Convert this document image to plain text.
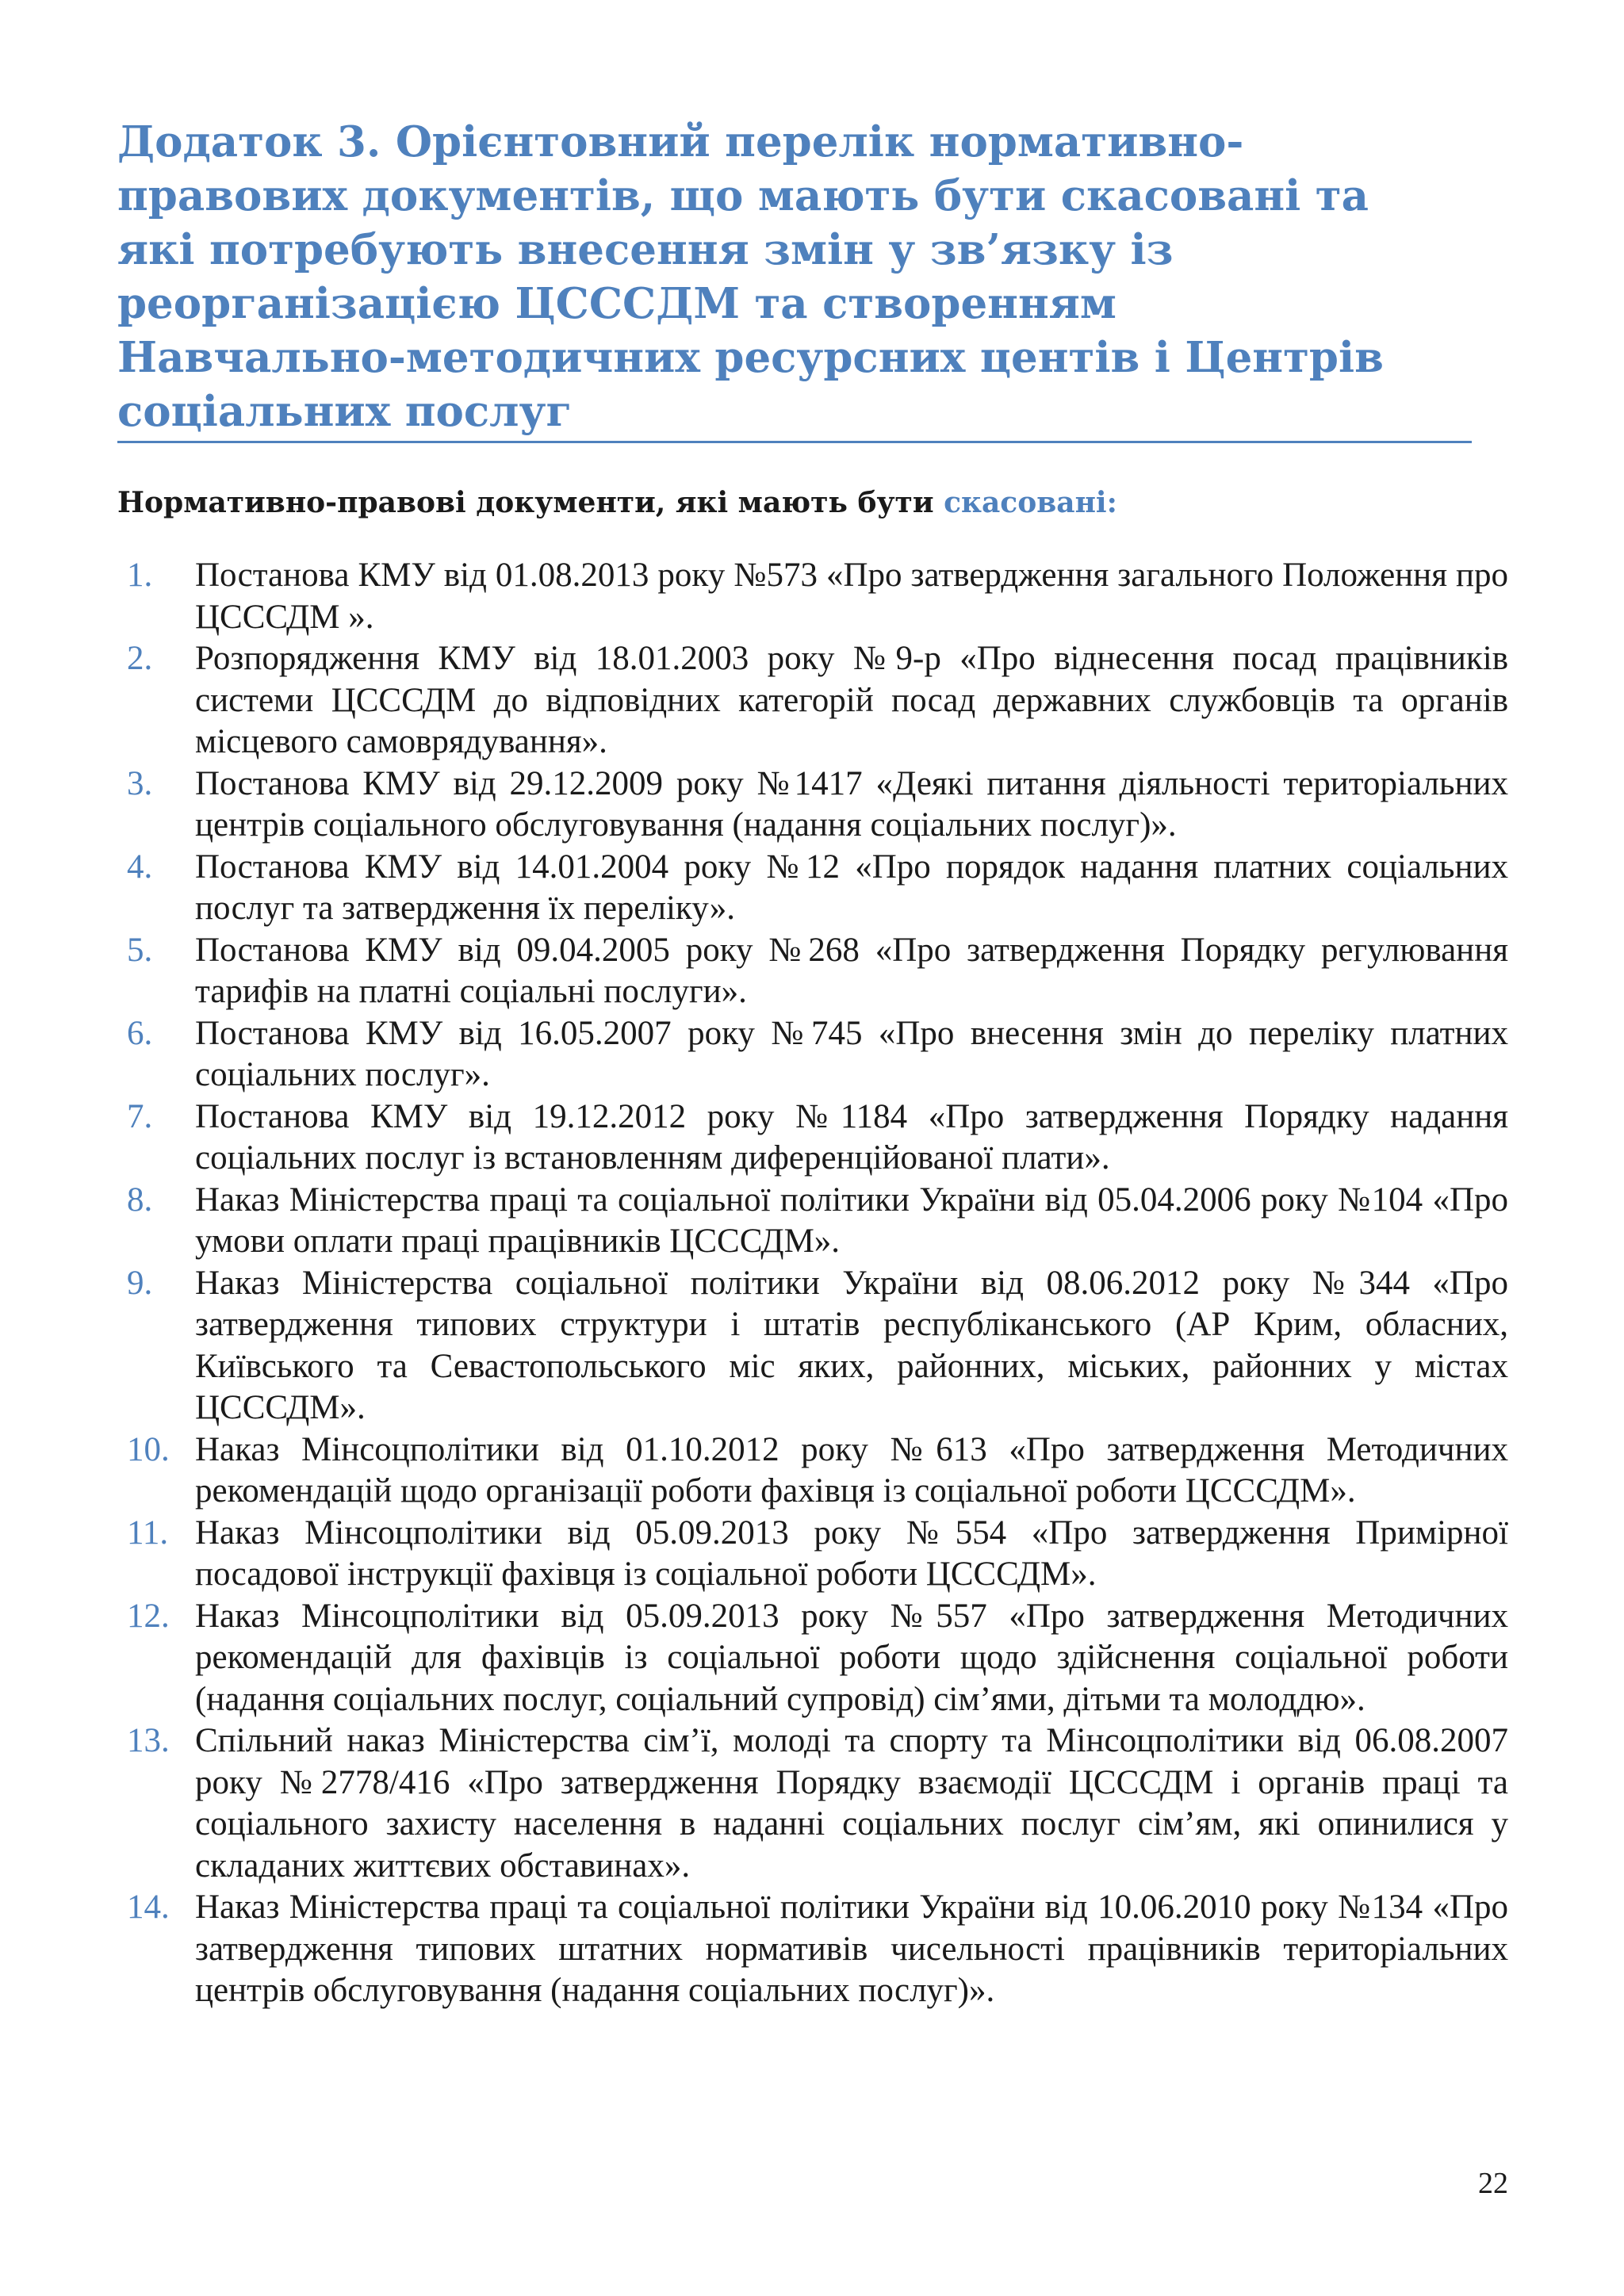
Додаток 3. Орієнтовний перелік нормативно-правових документів, що мають бути скасовані та які потребують внесення змін у зв’язку із реорганізацією ЦСССДМ та створенням Навчально-методичних ресурсних центів і Центрів соціальних послуг

Нормативно-правові документи, які мають бути скасовані:

1. Постанова КМУ від 01.08.2013 року №573 «Про затвердження загального Положення про ЦСССДМ ».
2. Розпорядження КМУ від 18.01.2003 року №9-р «Про віднесення посад працівників системи ЦСССДМ до відповідних категорій посад державних службовців та органів місцевого самоврядування».
3. Постанова КМУ від 29.12.2009 року №1417 «Деякі питання діяльності територіальних центрів соціального обслуговування (надання соціальних послуг)».
4. Постанова КМУ від 14.01.2004 року №12 «Про порядок надання платних соціальних послуг та затвердження їх переліку».
5. Постанова КМУ від 09.04.2005 року №268 «Про затвердження Порядку регулювання тарифів на платні соціальні послуги».
6. Постанова КМУ від 16.05.2007 року №745 «Про внесення змін до переліку платних соціальних послуг».
7. Постанова КМУ від 19.12.2012 року №1184 «Про затвердження Порядку надання соціальних послуг із встановленням диференційованої плати».
8. Наказ Міністерства праці та соціальної політики України від 05.04.2006 року №104 «Про умови оплати праці працівників ЦСССДМ».
9. Наказ Міністерства соціальної політики України від 08.06.2012 року №344 «Про затвердження типових структури і штатів республіканського (АР Крим, обласних, Київського та Севастопольського міс яких, районних, міських, районних у містах ЦСССДМ».
10. Наказ Мінсоцполітики від 01.10.2012 року №613 «Про затвердження Методичних рекомендацій щодо організації роботи фахівця із соціальної роботи ЦСССДМ».
11. Наказ Мінсоцполітики від 05.09.2013 року №554 «Про затвердження Примірної посадової інструкції фахівця із соціальної роботи ЦСССДМ».
12. Наказ Мінсоцполітики від 05.09.2013 року №557 «Про затвердження Методичних рекомендацій для фахівців із соціальної роботи щодо здійснення соціальної роботи (надання соціальних послуг, соціальний супровід) сім’ями, дітьми та молоддю».
13. Спільний наказ Міністерства сім’ї, молоді та спорту та Мінсоцполітики від 06.08.2007 року №2778/416 «Про затвердження Порядку взаємодії ЦСССДМ і органів праці та соціального захисту населення в наданні соціальних послуг сім’ям, які опинилися у складаних життєвих обставинах».
14. Наказ Міністерства праці та соціальної політики України від 10.06.2010 року №134 «Про затвердження типових штатних нормативів чисельності працівників територіальних центрів обслуговування (надання соціальних послуг)».
22
